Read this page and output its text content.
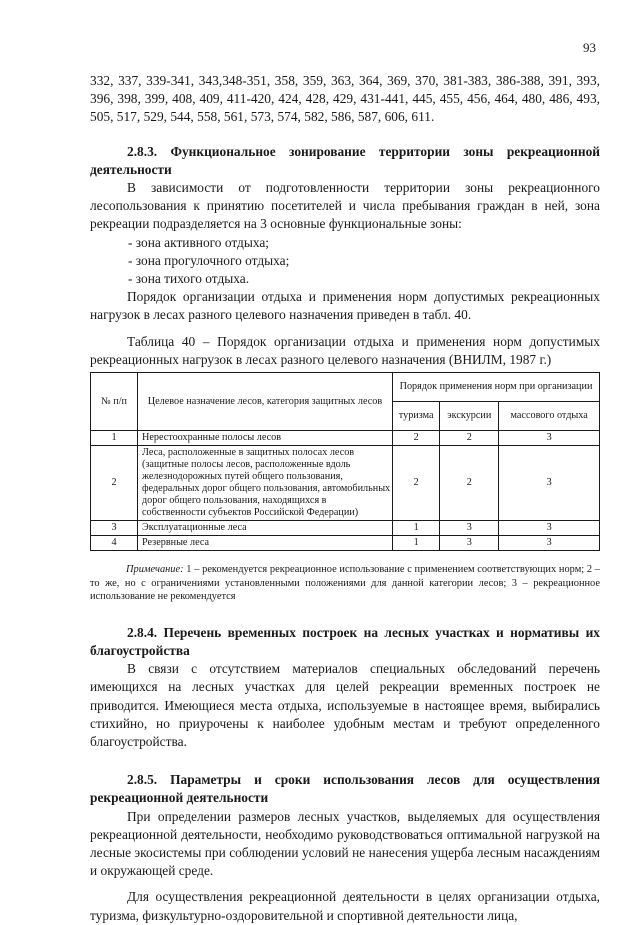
93

332, 337, 339-341, 343,348-351, 358, 359, 363, 364, 369, 370, 381-383, 386-388, 391, 393, 396, 398, 399, 408, 409, 411-420, 424, 428, 429, 431-441, 445, 455, 456, 464, 480, 486, 493, 505, 517, 529, 544, 558, 561, 573, 574, 582, 586, 587, 606, 611.

2.8.3. Функциональное зонирование территории зоны рекреационной деятельности

В зависимости от подготовленности территории зоны рекреационного лесопользования к принятию посетителей и числа пребывания граждан в ней, зона рекреации подразделяется на 3 основные функциональные зоны:

- зона активного отдыха;

- зона прогулочного отдыха;

- зона тихого отдыха.

Порядок организации отдыха и применения норм допустимых рекреационных нагрузок в лесах разного целевого назначения приведен в табл. 40.

Таблица 40 – Порядок организации отдыха и применения норм допустимых рекреационных нагрузок в лесах разного целевого назначения (ВНИЛМ, 1987 г.)

№ п/п	Целевое назначение лесов, категория защитных лесов	Порядок применения норм при организации		
		туризма	экскурсии	массового отдыха
1	Нерестоохранные полосы лесов	2	2	3
2	Леса, расположенные в защитных полосах лесов
(защитные полосы лесов, расположенные вдоль железнодорожных путей общего пользования, федеральных дорог общего пользования, автомобильных дорог общего пользования, находящихся в собственности субъектов Российской Федерации)	2	2	3
3	Эксплуатационные леса	1	3	3
4	Резервные леса	1	3	3

Примечание: 1 – рекомендуется рекреационное использование с применением соответствующих норм; 2 – то же, но с ограничениями установленными положениями для данной категории лесов; 3 – рекреационное использование не рекомендуется

2.8.4. Перечень временных построек на лесных участках и нормативы их благоустройства

В связи с отсутствием материалов специальных обследований перечень имеющихся на лесных участках для целей рекреации временных построек не приводится. Имеющиеся места отдыха, используемые в настоящее время, выбирались стихийно, но приурочены к наиболее удобным местам и требуют определенного благоустройства.

2.8.5. Параметры и сроки использования лесов для осуществления рекреационной деятельности

При определении размеров лесных участков, выделяемых для осуществления рекреационной деятельности, необходимо руководствоваться оптимальной нагрузкой на лесные экосистемы при соблюдении условий не нанесения ущерба лесным насаждениям и окружающей среде.

Для осуществления рекреационной деятельности в целях организации отдыха, туризма, физкультурно-оздоровительной и спортивной деятельности лица,
